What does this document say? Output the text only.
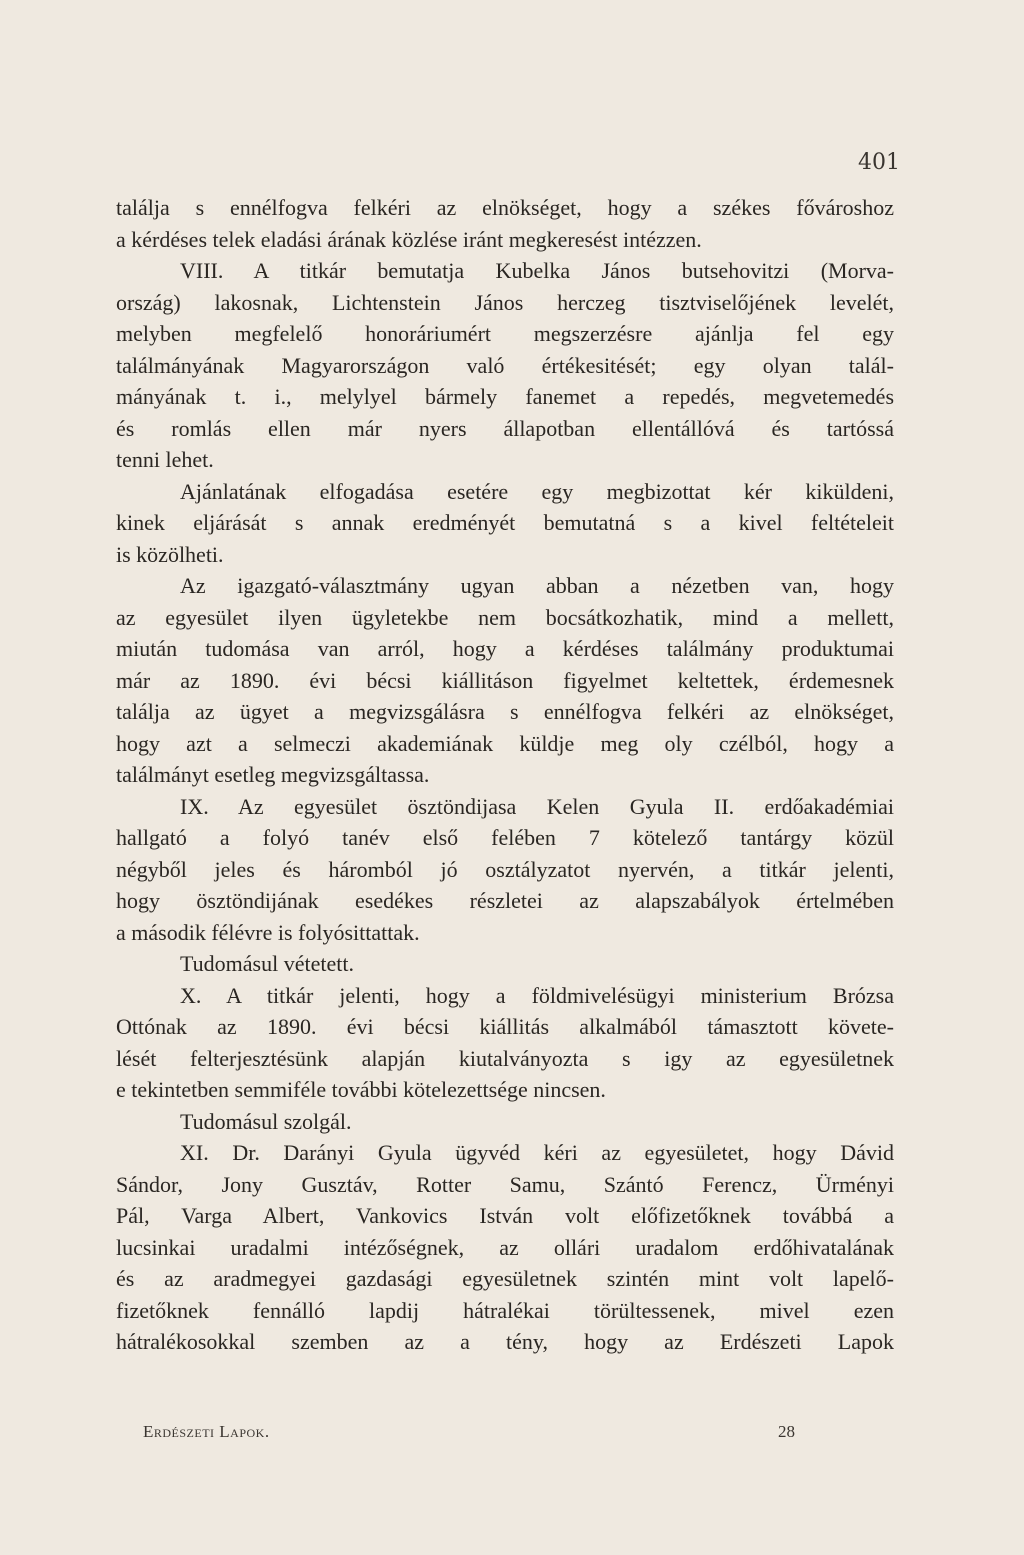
401
találja s ennélfogva felkéri az elnökséget, hogy a székes fővároshoz
a kérdéses telek eladási árának közlése iránt megkeresést intézzen.
VIII. A titkár bemutatja Kubelka János butsehovitzi (Morva-
ország) lakosnak, Lichtenstein János herczeg tisztviselőjének levelét,
melyben megfelelő honoráriumért megszerzésre ajánlja fel egy
találmányának Magyarországon való értékesitését; egy olyan talál-
mányának t. i., melylyel bármely fanemet a repedés, megvetemedés
és romlás ellen már nyers állapotban ellentállóvá és tartóssá
tenni lehet.
Ajánlatának elfogadása esetére egy megbizottat kér kiküldeni,
kinek eljárását s annak eredményét bemutatná s a kivel feltételeit
is közölheti.
Az igazgató-választmány ugyan abban a nézetben van, hogy
az egyesület ilyen ügyletekbe nem bocsátkozhatik, mind a mellett,
miután tudomása van arról, hogy a kérdéses találmány produktumai
már az 1890. évi bécsi kiállitáson figyelmet keltettek, érdemesnek
találja az ügyet a megvizsgálásra s ennélfogva felkéri az elnökséget,
hogy azt a selmeczi akademiának küldje meg oly czélból, hogy a
találmányt esetleg megvizsgáltassa.
IX. Az egyesület ösztöndijasa Kelen Gyula II. erdőakadémiai
hallgató a folyó tanév első felében 7 kötelező tantárgy közül
négyből jeles és háromból jó osztályzatot nyervén, a titkár jelenti,
hogy ösztöndijának esedékes részletei az alapszabályok értelmében
a második félévre is folyósittattak.
Tudomásul vétetett.
X. A titkár jelenti, hogy a földmivelésügyi ministerium Brózsa
Ottónak az 1890. évi bécsi kiállitás alkalmából támasztott követe-
lését felterjesztésünk alapján kiutalványozta s igy az egyesületnek
e tekintetben semmiféle további kötelezettsége nincsen.
Tudomásul szolgál.
XI. Dr. Darányi Gyula ügyvéd kéri az egyesületet, hogy Dávid
Sándor, Jony Gusztáv, Rotter Samu, Szántó Ferencz, Ürményi
Pál, Varga Albert, Vankovics István volt előfizetőknek továbbá a
lucsinkai uradalmi intézőségnek, az ollári uradalom erdőhivatalának
és az aradmegyei gazdasági egyesületnek szintén mint volt lapelő-
fizetőknek fennálló lapdij hátralékai törültessenek, mivel ezen
hátralékosokkal szemben az a tény, hogy az Erdészeti Lapok
Erdészeti Lapok.	28
